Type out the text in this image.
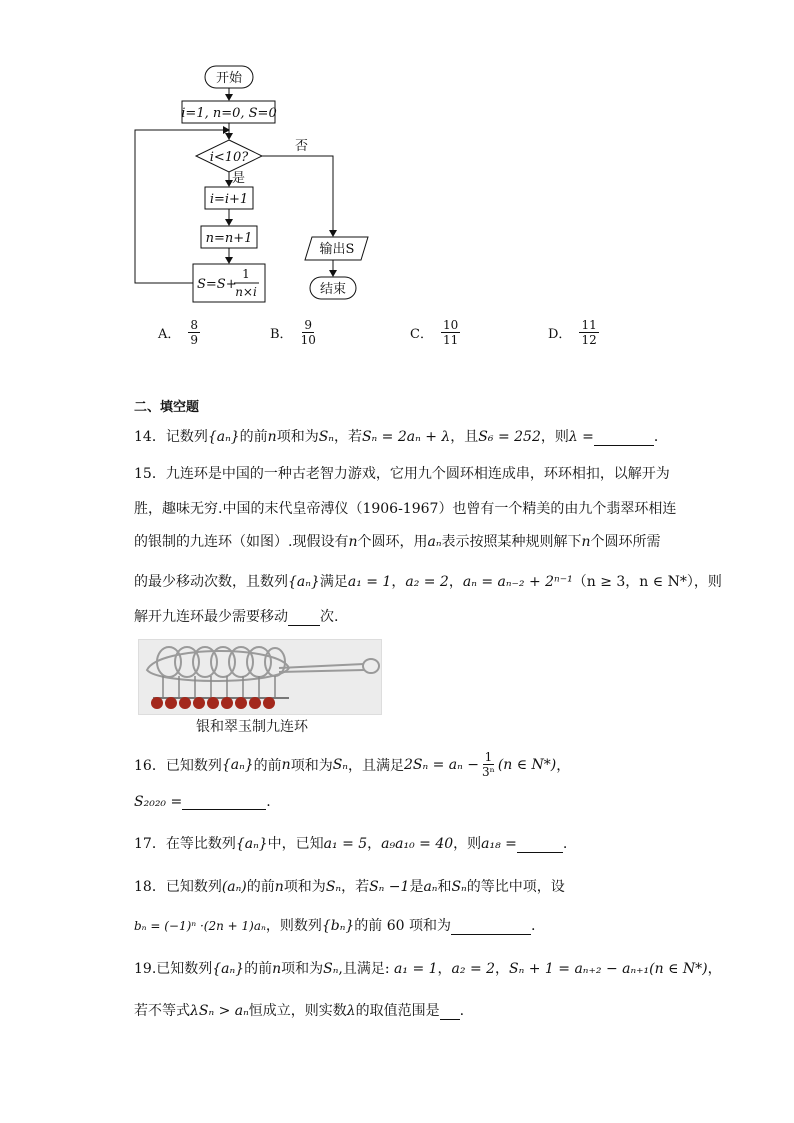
开始
i=1, n=0, S=0
i<10?
否
是
i=i+1
n=n+1
S=S+
1
n×i
输出S
结束
A． $\frac{8}{9}$	B． $\frac{9}{10}$	C． $\frac{10}{11}$	D． $\frac{11}{12}$
二、填空题
14．记数列{aₙ}的前n项和为Sₙ，若Sₙ = 2aₙ + λ，且S₆ = 252，则λ =	．
15．九连环是中国的一种古老智力游戏，它用九个圆环相连成串，环环相扣，以解开为
胜，趣味无穷.中国的末代皇帝溥仪（1906-1967）也曾有一个精美的由九个翡翠环相连
的银制的九连环（如图）.现假设有n个圆环，用aₙ表示按照某种规则解下n个圆环所需
的最少移动次数，且数列{aₙ}满足a₁ = 1，a₂ = 2，aₙ = aₙ₋₂ + 2ⁿ⁻¹（n ≥ 3，n ∈ N*），则
解开九连环最少需要移动 次.
银和翠玉制九连环
16．已知数列 {aₙ} 的前 n 项和为 Sₙ ，且满足 $2S_n = a_n - \frac{1}{\text{3ⁿ}} (n$ ∈ N*) ，
S₂₀₂₀ =	.
17．在等比数列{aₙ}中，已知a₁ = 5，a₉a₁₀ = 40，则a₁₈ =	.
18．已知数列(aₙ)的前n项和为Sₙ，若Sₙ −1是aₙ和Sₙ的等比中项，设
bₙ = (−1)ⁿ ·(2n + 1)aₙ，则数列{bₙ}的前 60 项和为	.
19.已知数列{aₙ}的前n项和为Sₙ,且满足: a₁ = 1，a₂ = 2，Sₙ + 1 = aₙ₊₂ − aₙ₊₁(n ∈ N*)，
若不等式λSₙ > aₙ恒成立，则实数λ的取值范围是 .
